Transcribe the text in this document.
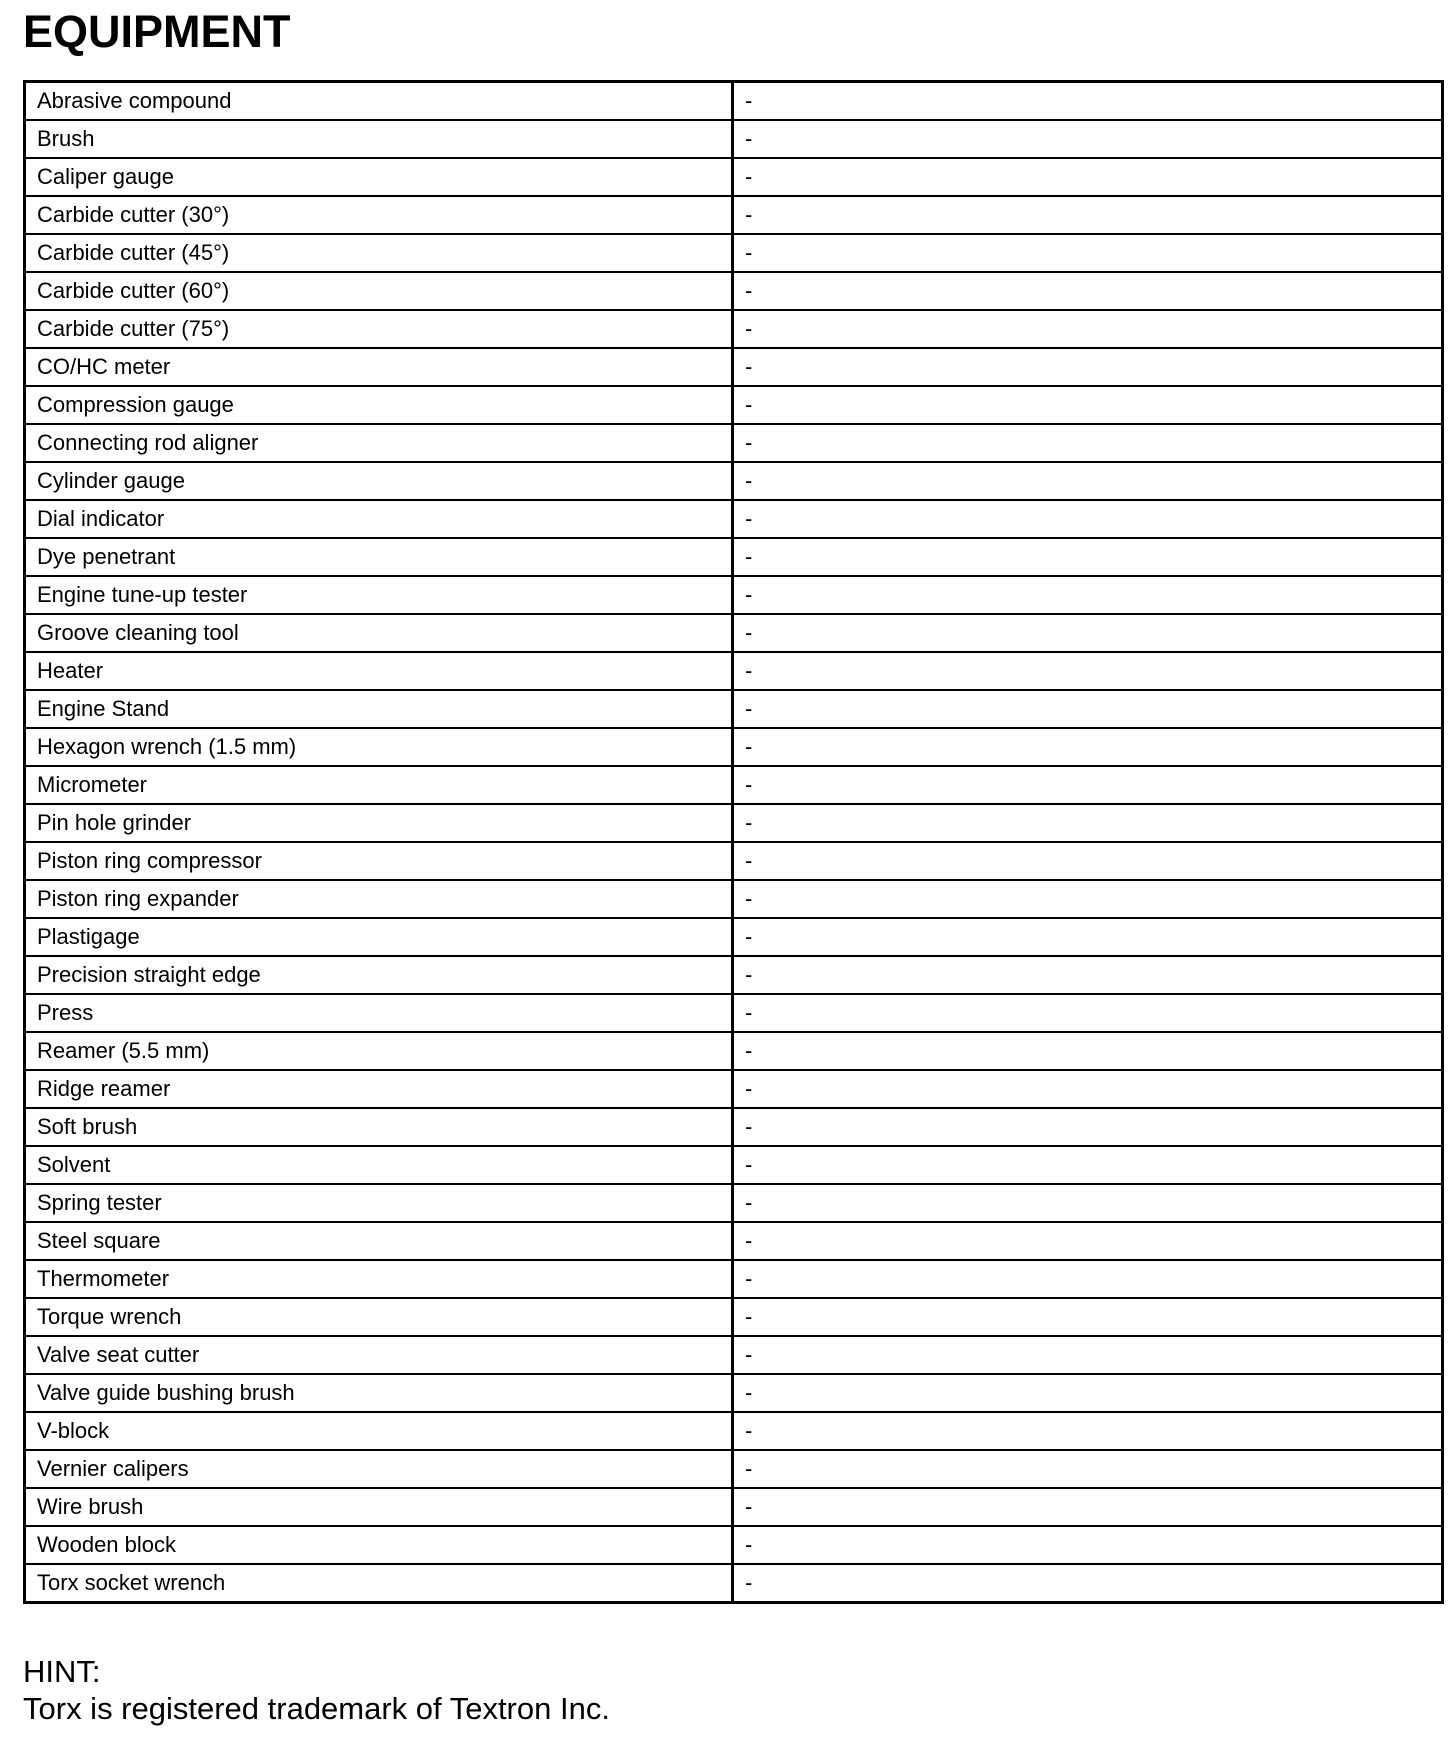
EQUIPMENT
Abrasive compound	-
Brush	-
Caliper gauge	-
Carbide cutter (30°)	-
Carbide cutter (45°)	-
Carbide cutter (60°)	-
Carbide cutter (75°)	-
CO/HC meter	-
Compression gauge	-
Connecting rod aligner	-
Cylinder gauge	-
Dial indicator	-
Dye penetrant	-
Engine tune-up tester	-
Groove cleaning tool	-
Heater	-
Engine Stand	-
Hexagon wrench (1.5 mm)	-
Micrometer	-
Pin hole grinder	-
Piston ring compressor	-
Piston ring expander	-
Plastigage	-
Precision straight edge	-
Press	-
Reamer (5.5 mm)	-
Ridge reamer	-
Soft brush	-
Solvent	-
Spring tester	-
Steel square	-
Thermometer	-
Torque wrench	-
Valve seat cutter	-
Valve guide bushing brush	-
V-block	-
Vernier calipers	-
Wire brush	-
Wooden block	-
Torx socket wrench	-
HINT:
Torx is registered trademark of Textron Inc.
